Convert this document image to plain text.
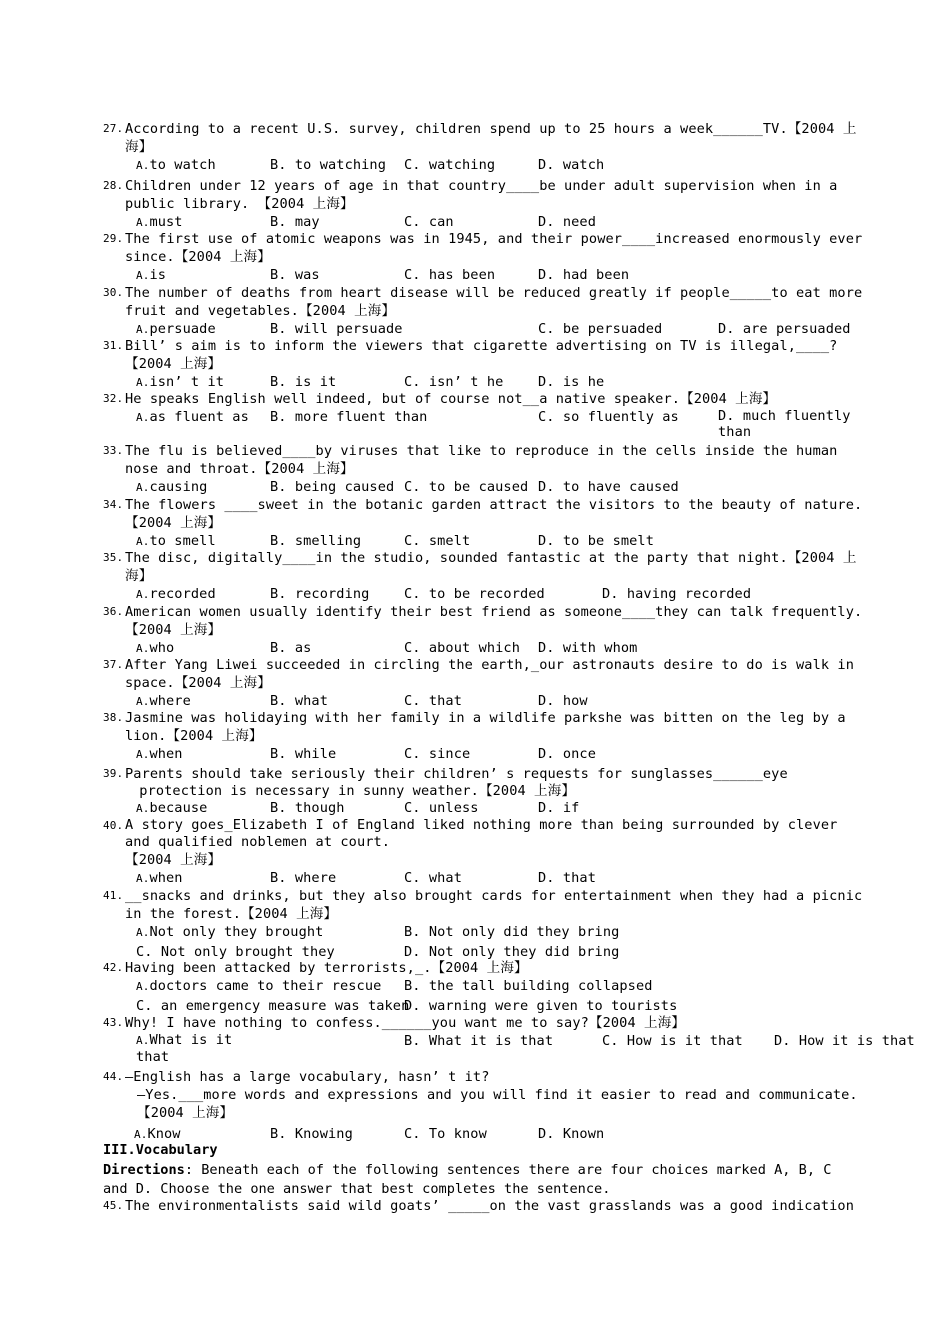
27. According to a recent U.S. survey, children spend up to 25 hours a week______TV.【2004 上海】
A.to watch	B. to watching C. watching	D. watch
28. Children under 12 years of age in that country____be under adult supervision when in a public library. 【2004 上海】
A.must	B. may	C. can	D. need
29. The first use of atomic weapons was in 1945, and their power____increased enormously ever since.【2004 上海】
A.is	B. was	C. has been	D. had been
30. The number of deaths from heart disease will be reduced greatly if people_____to eat more fruit and vegetables.【2004 上海】
A.persuade	B. will persuade	C. be persuaded	D. are persuaded
31. Bill’ s aim is to inform the viewers that cigarette advertising on TV is illegal,____?【2004 上海】
A.isn’ t it	B. is it	C. isn’ t he	D. is he
32. He speaks English well indeed, but of course not__a native speaker.【2004 上海】
A.as fluent as B. more fluent than	C. so fluently as	D. much fluently than
33. The flu is believed____by viruses that like to reproduce in the cells inside the human nose and throat.【2004 上海】
A.causing	B. being caused C. to be caused D. to have caused
34. The flowers ____sweet in the botanic garden attract the visitors to the beauty of nature.【2004 上海】
A.to smell	B. smelling	C. smelt	D. to be smelt
35. The disc, digitally____in the studio, sounded fantastic at the party that night.【2004 上海】
A.recorded	B. recording	C. to be recorded	D. having recorded
36. American women usually identify their best friend as someone____they can talk frequently.【2004 上海】
A.who	B. as	C. about which D. with whom
37. After Yang Liwei succeeded in circling the earth,_our astronauts desire to do is walk in space.【2004 上海】
A.where	B. what	C. that	D. how
38. Jasmine was holidaying with her family in a wildlife parkshe was bitten on the leg by a lion.【2004 上海】
A.when	B. while	C. since	D. once
39. Parents should take seriously their children’ s requests for sunglasses______eye
protection is necessary in sunny weather.【2004 上海】
A.because	B. though	C. unless	D. if
40. A story goes_Elizabeth I of England liked nothing more than being surrounded by clever and qualified noblemen at court.
【2004 上海】
A.when	B. where	C. what	D. that
41. __snacks and drinks, but they also brought cards for entertainment when they had a picnic in the forest.【2004 上海】
A.Not only they brought	B. Not only did they bring
C. Not only brought they	D. Not only they did bring
42. Having been attacked by terrorists,_.【2004 上海】
A.doctors came to their rescue B. the tall building collapsed
C. an emergency measure was taken
D. warning were given to tourists
43. Why! I have nothing to confess.______you want me to say?【2004 上海】
A.What is it that
B. What it is that	C. How is it that D. How it is that
44. —English has a large vocabulary, hasn’ t it?
—Yes.___more words and expressions and you will find it easier to read and communicate.【2004 上海】
A.Know	B. Knowing	C. To know	D. Known
III.Vocabulary
Directions: Beneath each of the following sentences there are four choices marked A, B, C and D. Choose the one answer that best completes the sentence.
45. The environmentalists said wild goats’ _____on the vast grasslands was a good indication
